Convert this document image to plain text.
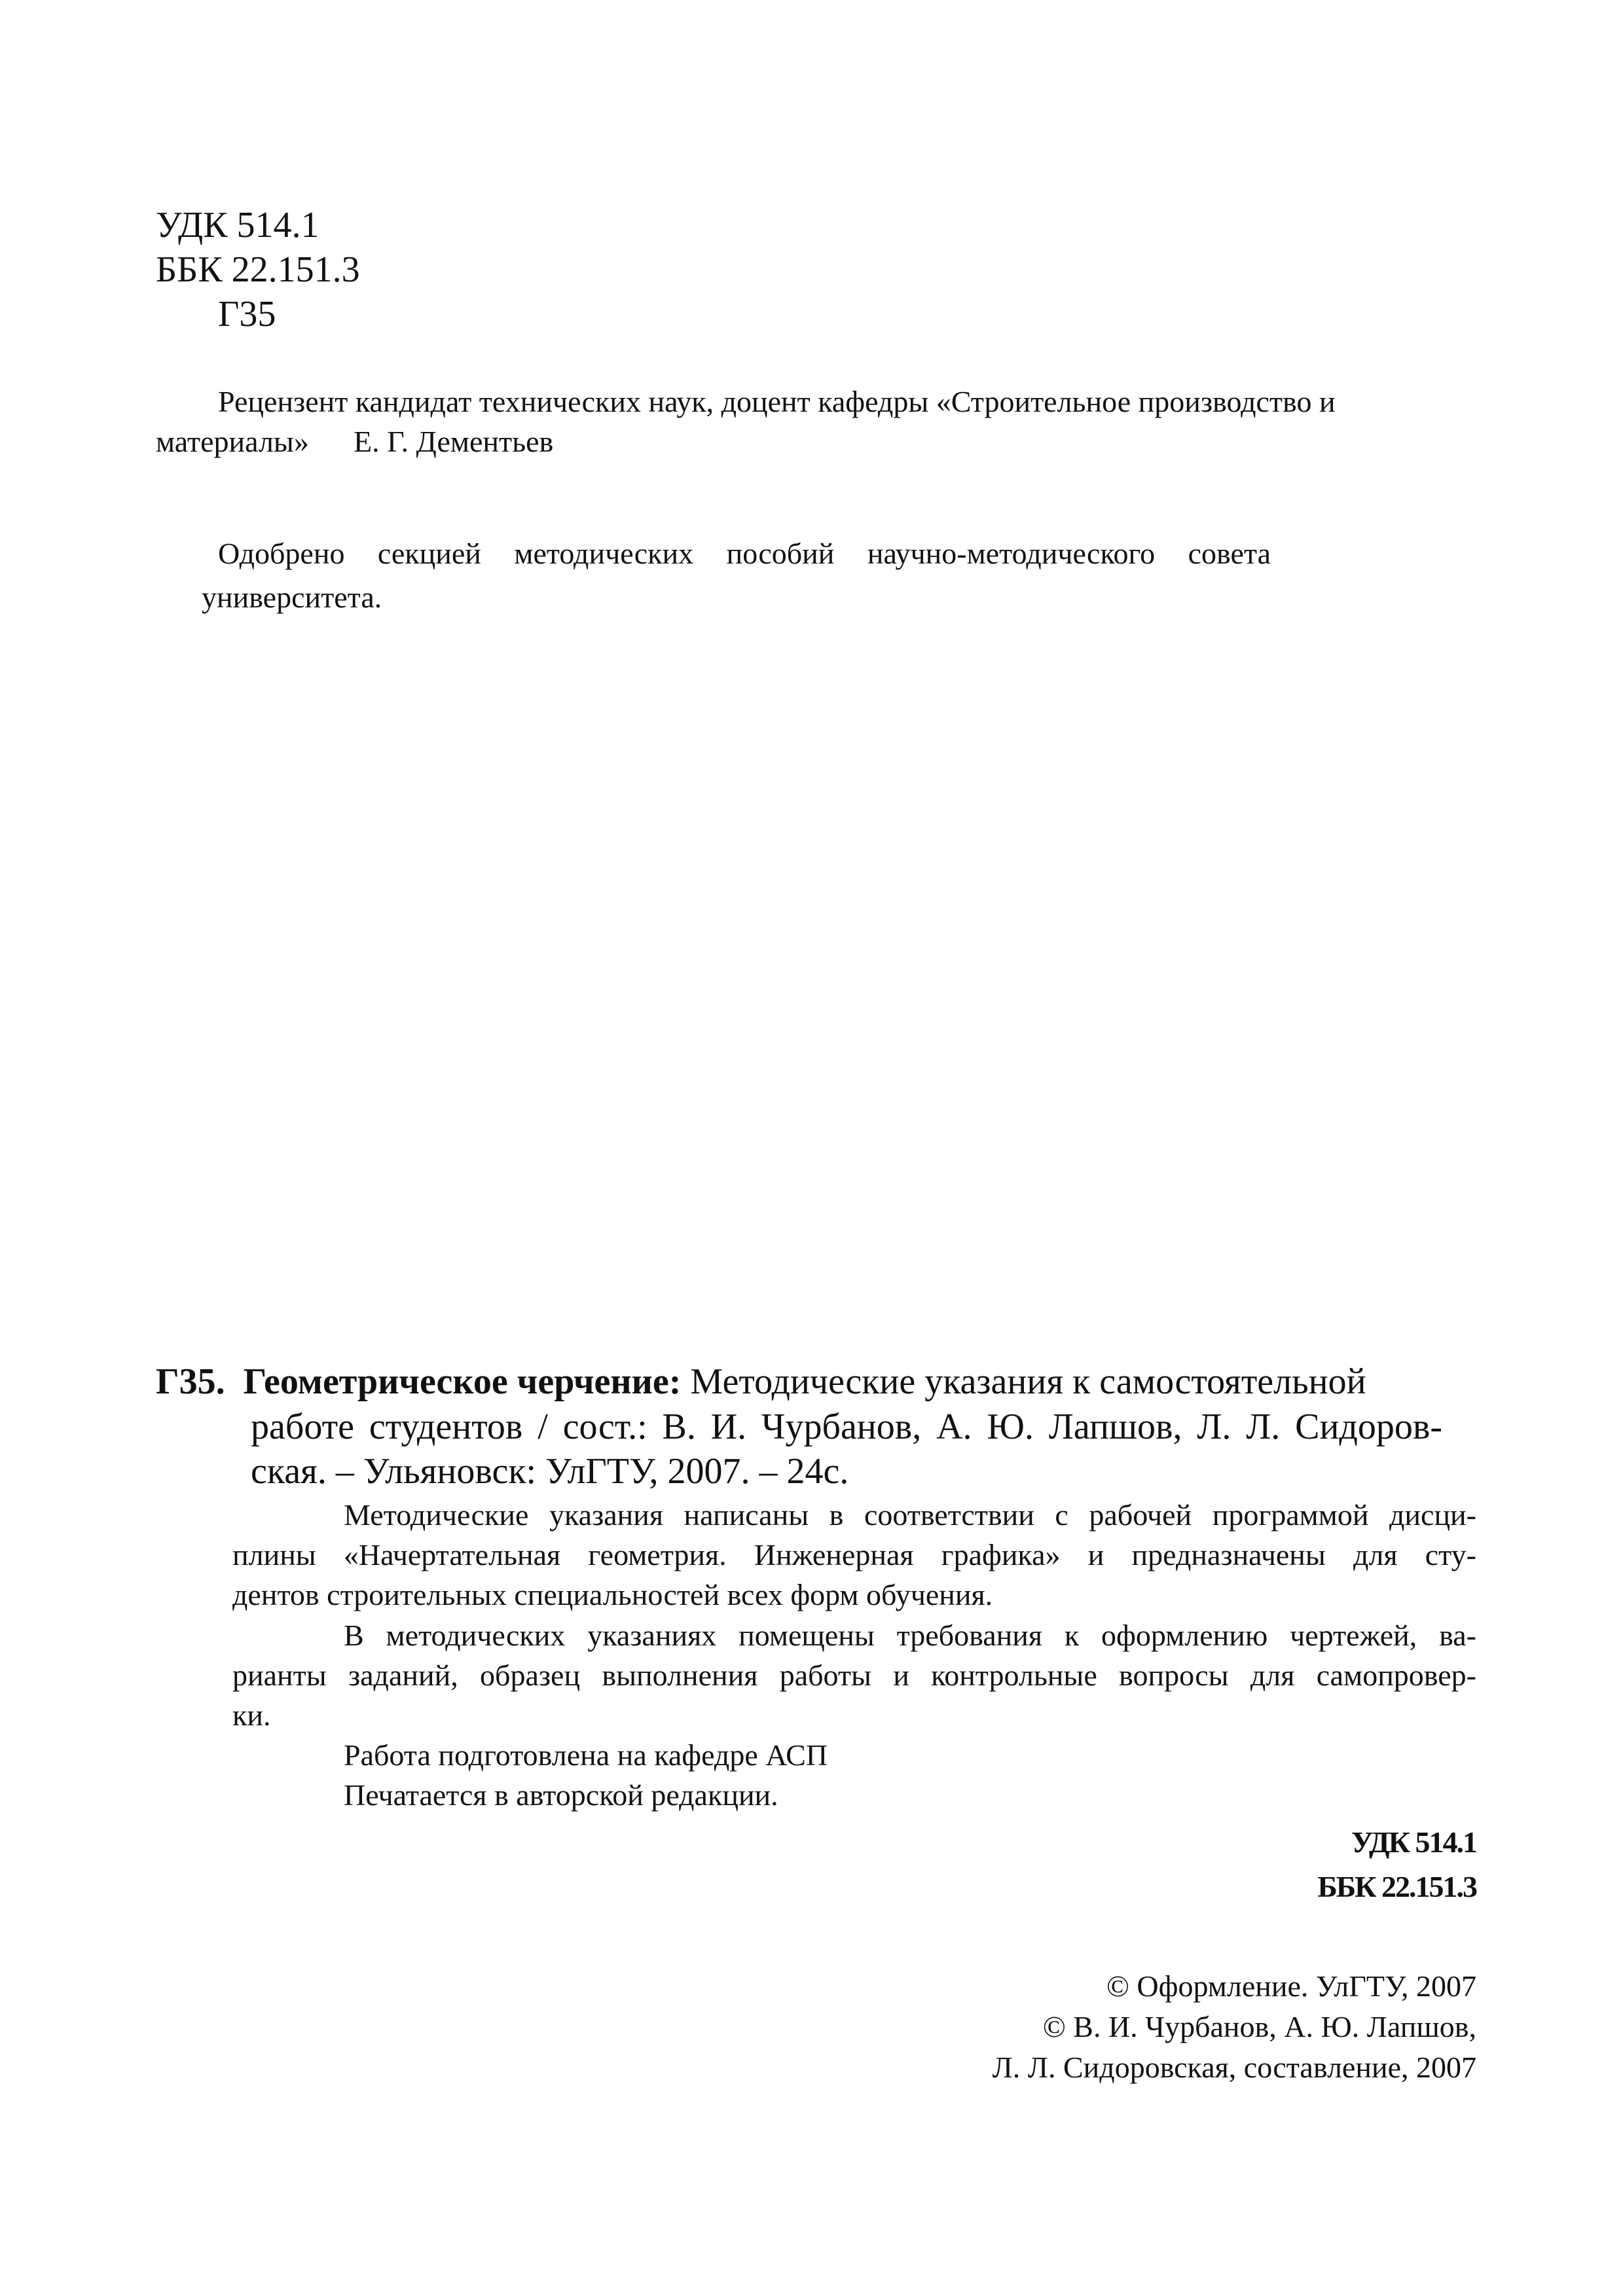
УДК 514.1
ББК 22.151.3
Г35
Рецензент кандидат технических наук, доцент кафедры «Строительное производство и
материалы» Е. Г. Дементьев
Одобрено секцией методических пособий научно-методического совета
университета.
Г35. Геометрическое черчение: Методические указания к самостоятельной
работе студентов / сост.: В. И. Чурбанов, А. Ю. Лапшов, Л. Л. Сидоров-
ская. – Ульяновск: УлГТУ, 2007. – 24с.
Методические указания написаны в соответствии с рабочей программой дисци-
плины «Начертательная геометрия. Инженерная графика» и предназначены для сту-
дентов строительных специальностей всех форм обучения.
В методических указаниях помещены требования к оформлению чертежей, ва-
рианты заданий, образец выполнения работы и контрольные вопросы для самопровер-
ки.
Работа подготовлена на кафедре АСП
Печатается в авторской редакции.
УДК 514.1
ББК 22.151.3
© Оформление. УлГТУ, 2007
© В. И. Чурбанов, А. Ю. Лапшов,
Л. Л. Сидоровская, составление, 2007
